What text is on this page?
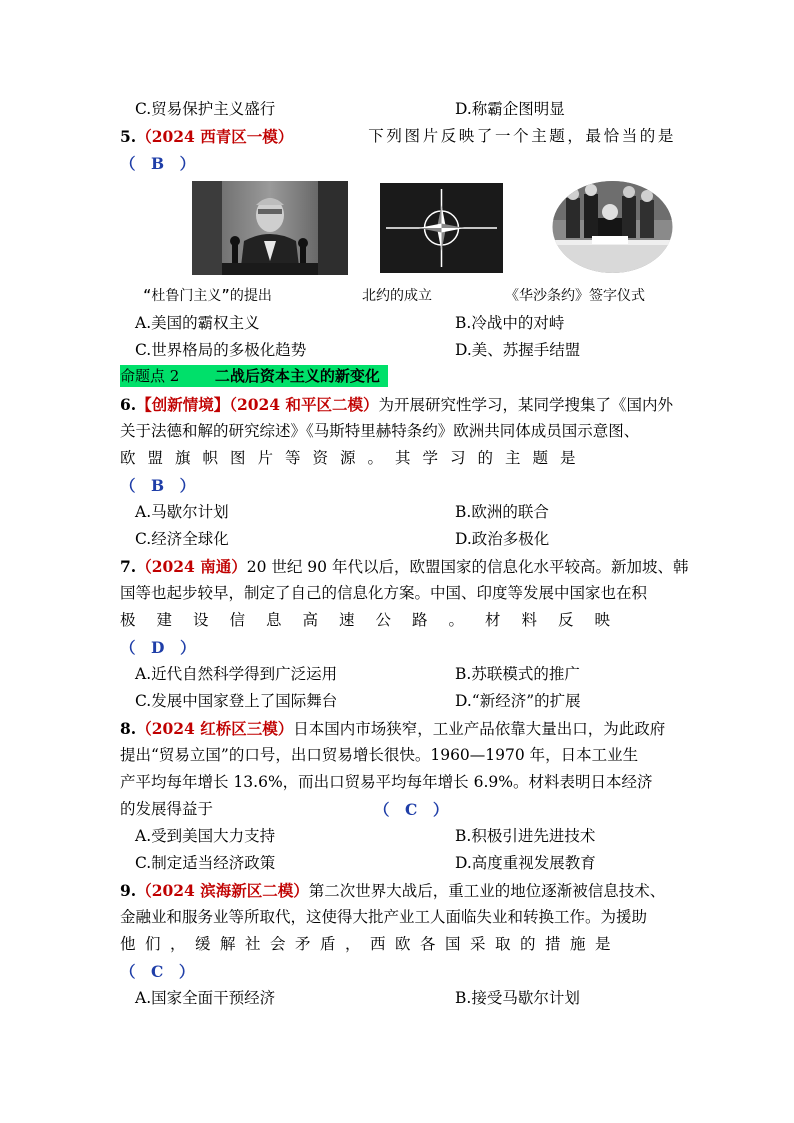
C.贸易保护主义盛行	D.称霸企图明显
5.（2024 西青区一模）	下列图片反映了一个主题，最恰当的是
（　B　）
“杜鲁门主义”的提出	北约的成立	《华沙条约》签字仪式
A.美国的霸权主义	B.冷战中的对峙
C.世界格局的多极化趋势	D.美、苏握手结盟
命题点 2 二战后资本主义的新变化
6.【创新情境】（2024 和平区二模）为开展研究性学习，某同学搜集了《国内外
关于法德和解的研究综述》《马斯特里赫特条约》欧洲共同体成员国示意图、
欧盟旗帜图片等资源。其学习的主题是
（　B　）
A.马歇尔计划	B.欧洲的联合
C.经济全球化	D.政治多极化
7.（2024 南通）20 世纪 90 年代以后，欧盟国家的信息化水平较高。新加坡、韩
国等也起步较早，制定了自己的信息化方案。中国、印度等发展中国家也在积
极建设信息高速公路。材料反映
（　D　）
A.近代自然科学得到广泛运用	B.苏联模式的推广
C.发展中国家登上了国际舞台	D.“新经济”的扩展
8.（2024 红桥区三模）日本国内市场狭窄，工业产品依靠大量出口，为此政府
提出“贸易立国”的口号，出口贸易增长很快。1960—1970 年，日本工业生
产平均每年增长 13.6%，而出口贸易平均每年增长 6.9%。材料表明日本经济
的发展得益于	（　C　）
A.受到美国大力支持	B.积极引进先进技术
C.制定适当经济政策	D.高度重视发展教育
9.（2024 滨海新区二模）第二次世界大战后，重工业的地位逐渐被信息技术、
金融业和服务业等所取代，这使得大批产业工人面临失业和转换工作。为援助
他们，缓解社会矛盾，西欧各国采取的措施是
（　C　）
A.国家全面干预经济	B.接受马歇尔计划
